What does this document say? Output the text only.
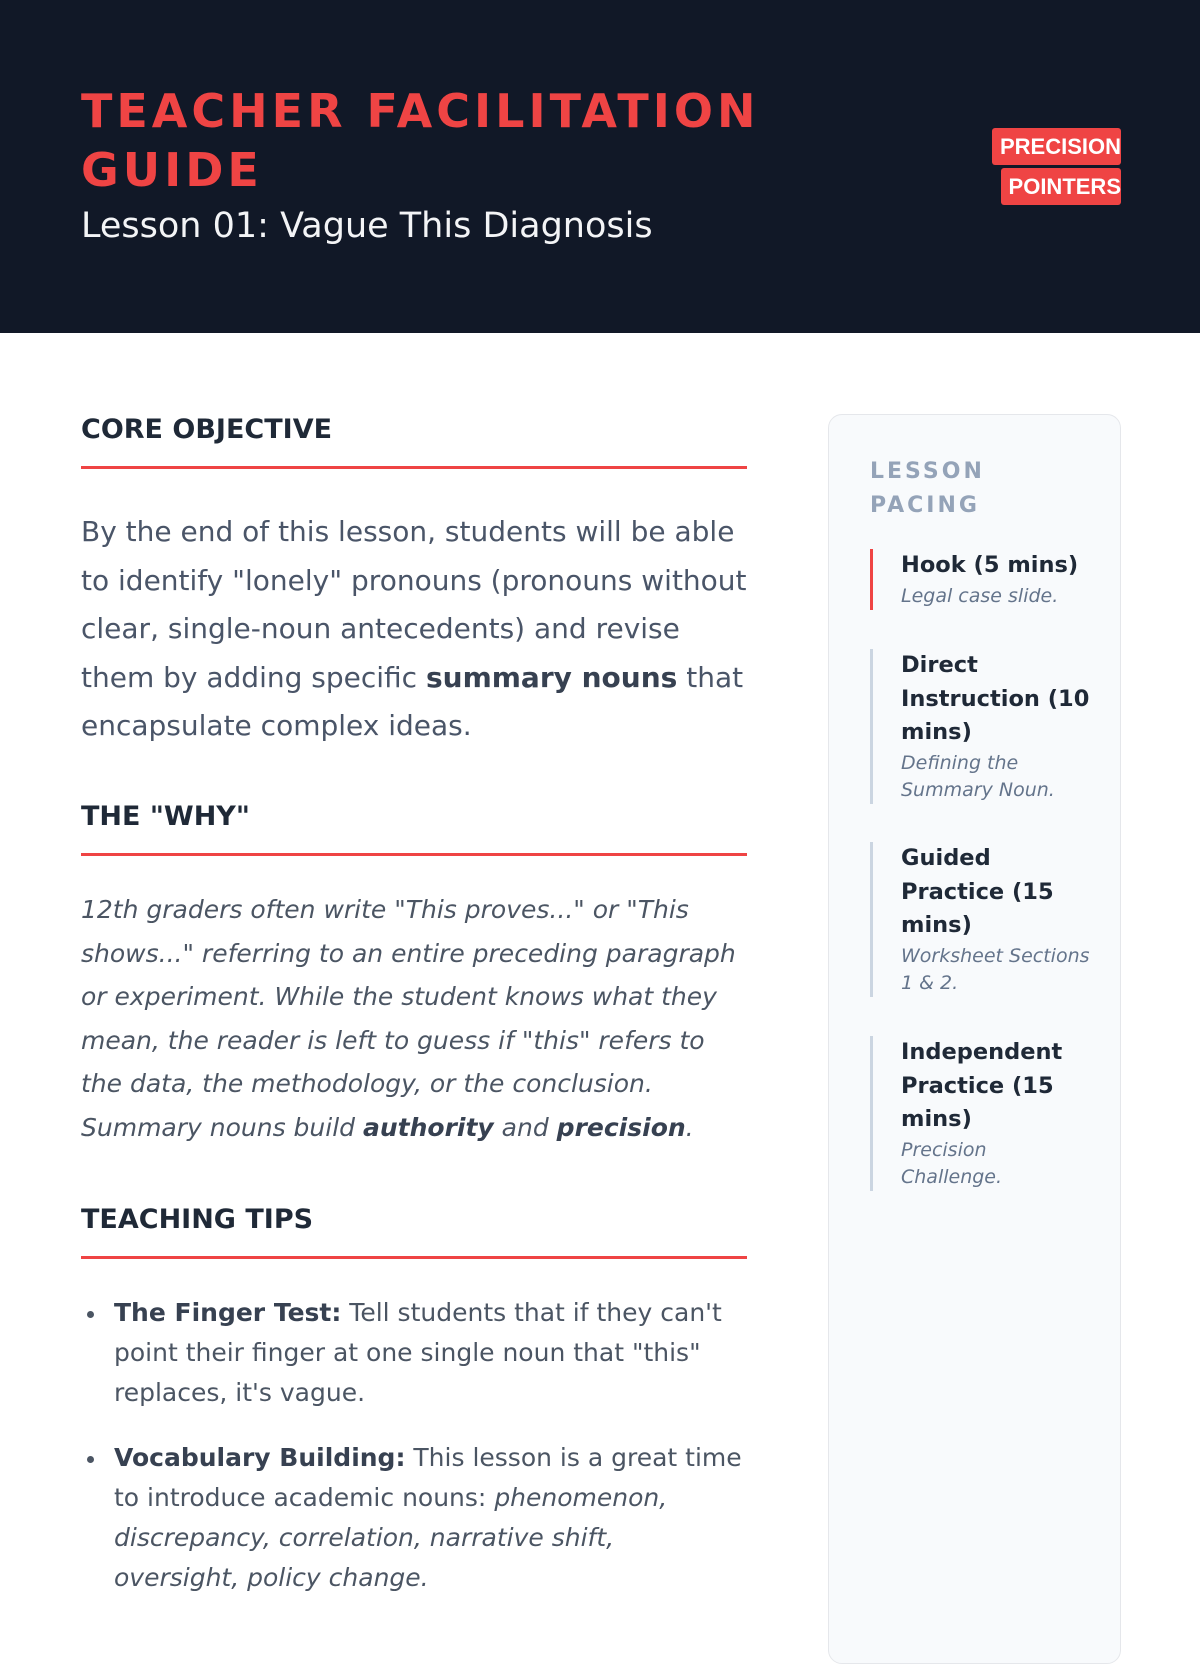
TEACHER FACILITATION GUIDE
Lesson 01: Vague This Diagnosis
PRECISION POINTERS
CORE OBJECTIVE

By the end of this lesson, students will be able to identify "lonely" pronouns (pronouns without clear, single-noun antecedents) and revise them by adding specific summary nouns that encapsulate complex ideas.

THE "WHY"

12th graders often write "This proves..." or "This shows..." referring to an entire preceding paragraph or experiment. While the student knows what they mean, the reader is left to guess if "this" refers to the data, the methodology, or the conclusion. Summary nouns build authority and precision.

TEACHING TIPS
The Finger Test: Tell students that if they can't point their finger at one single noun that "this" replaces, it's vague.
Vocabulary Building: This lesson is a great time to introduce academic nouns: phenomenon, discrepancy, correlation, narrative shift, oversight, policy change.
LESSON PACING
Hook (5 mins)
Legal case slide.
Direct Instruction (10 mins)
Defining the Summary Noun.
Guided Practice (15 mins)
Worksheet Sections 1 & 2.
Independent Practice (15 mins)
Precision Challenge.
